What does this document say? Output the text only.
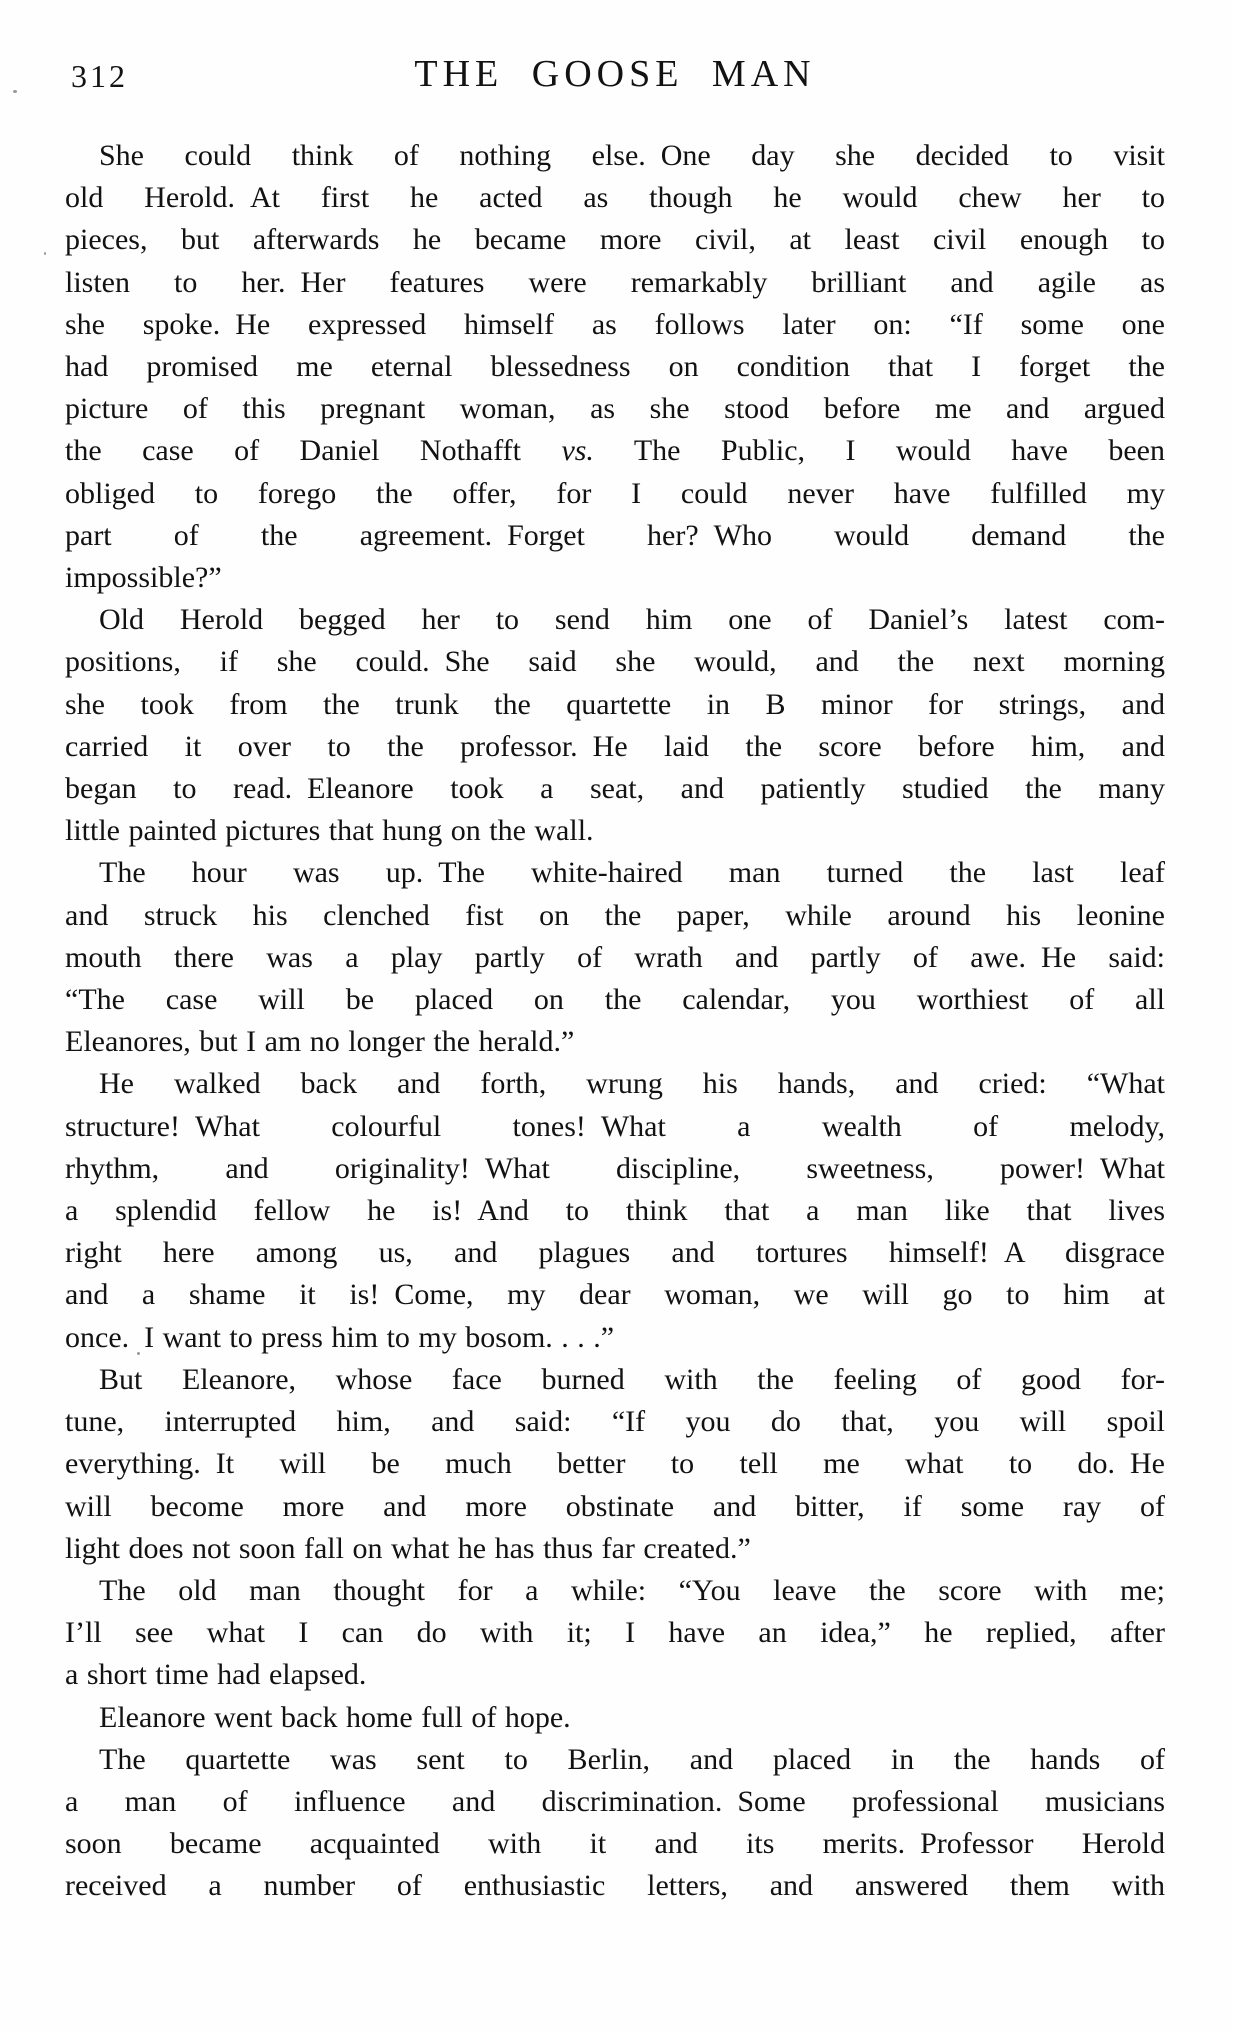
312	THE GOOSE MAN
She could think of nothing else. One day she decided to visit
old Herold. At first he acted as though he would chew her to
pieces, but afterwards he became more civil, at least civil enough to
listen to her. Her features were remarkably brilliant and agile as
she spoke. He expressed himself as follows later on: “If some one
had promised me eternal blessedness on condition that I forget the
picture of this pregnant woman, as she stood before me and argued
the case of Daniel Nothafft vs. The Public, I would have been
obliged to forego the offer, for I could never have fulfilled my
part of the agreement. Forget her? Who would demand the
impossible?”
Old Herold begged her to send him one of Daniel’s latest com-
positions, if she could. She said she would, and the next morning
she took from the trunk the quartette in B minor for strings, and
carried it over to the professor. He laid the score before him, and
began to read. Eleanore took a seat, and patiently studied the many
little painted pictures that hung on the wall.
The hour was up. The white-haired man turned the last leaf
and struck his clenched fist on the paper, while around his leonine
mouth there was a play partly of wrath and partly of awe. He said:
“The case will be placed on the calendar, you worthiest of all
Eleanores, but I am no longer the herald.”
He walked back and forth, wrung his hands, and cried: “What
structure! What colourful tones! What a wealth of melody,
rhythm, and originality! What discipline, sweetness, power! What
a splendid fellow he is! And to think that a man like that lives
right here among us, and plagues and tortures himself! A disgrace
and a shame it is! Come, my dear woman, we will go to him at
once. I want to press him to my bosom. . . .”
But Eleanore, whose face burned with the feeling of good for-
tune, interrupted him, and said: “If you do that, you will spoil
everything. It will be much better to tell me what to do. He
will become more and more obstinate and bitter, if some ray of
light does not soon fall on what he has thus far created.”
The old man thought for a while: “You leave the score with me;
I’ll see what I can do with it; I have an idea,” he replied, after
a short time had elapsed.
Eleanore went back home full of hope.
The quartette was sent to Berlin, and placed in the hands of
a man of influence and discrimination. Some professional musicians
soon became acquainted with it and its merits. Professor Herold
received a number of enthusiastic letters, and answered them with
